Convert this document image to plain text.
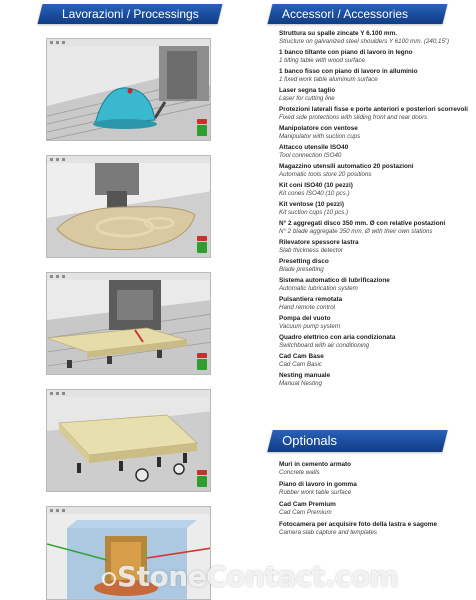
Lavorazioni / Processings	Accessori / Accessories
Struttura su spalle zincate Y 6.100 mm.
Structure on galvanized steel shoulders Y 6100 mm. (240,15”)
1 banco tiltante con piano di lavoro in legno
1 tilting table with wood surface
1 banco fisso con piano di lavoro in alluminio
1 fixed work table aluminum surface
Laser segna taglio
Laser for cutting line
Protezioni laterali fisse e porte anteriori e posteriori scorrevoli
Fixed side protections with sliding front and rear doors
Manipolatore con ventose
Manipulator with suction cups
Attacco utensile ISO40
Tool connection ISO40
Magazzino utensili automatico 20 postazioni
Automatic tools store 20 positions
Kit coni ISO40 (10 pezzi)
Kit cones ISO40 (10 pcs.)
Kit ventose (10 pezzi)
Kit suction cups (10 pcs.)
N° 2 aggregati disco 350 mm. Ø con relative postazioni
N° 2 blade aggregate 350 mm. Ø with their own stations
Rilevatore spessore lastra
Slab thickness detector
Presetting disco
Blade presetting
Sistema automatico di lubrificazione
Automatic lubrication system
Pulsantiera remotata
Hand remote control
Pompa del vuoto
Vacuum pump system
Quadro elettrico con aria condizionata
Switchboard with air conditioning
Cad Cam Base
Cad Cam Basic
Nesting manuale
Manual Nesting
Optionals
Muri in cemento armato
Concrete walls
Piano di lavoro in gomma
Rubber work table surface
Cad Cam Premium
Cad Cam Premium
Fotocamera per acquisire foto della lastra e sagome
Camera slab capture and templates
StoneContact.com
